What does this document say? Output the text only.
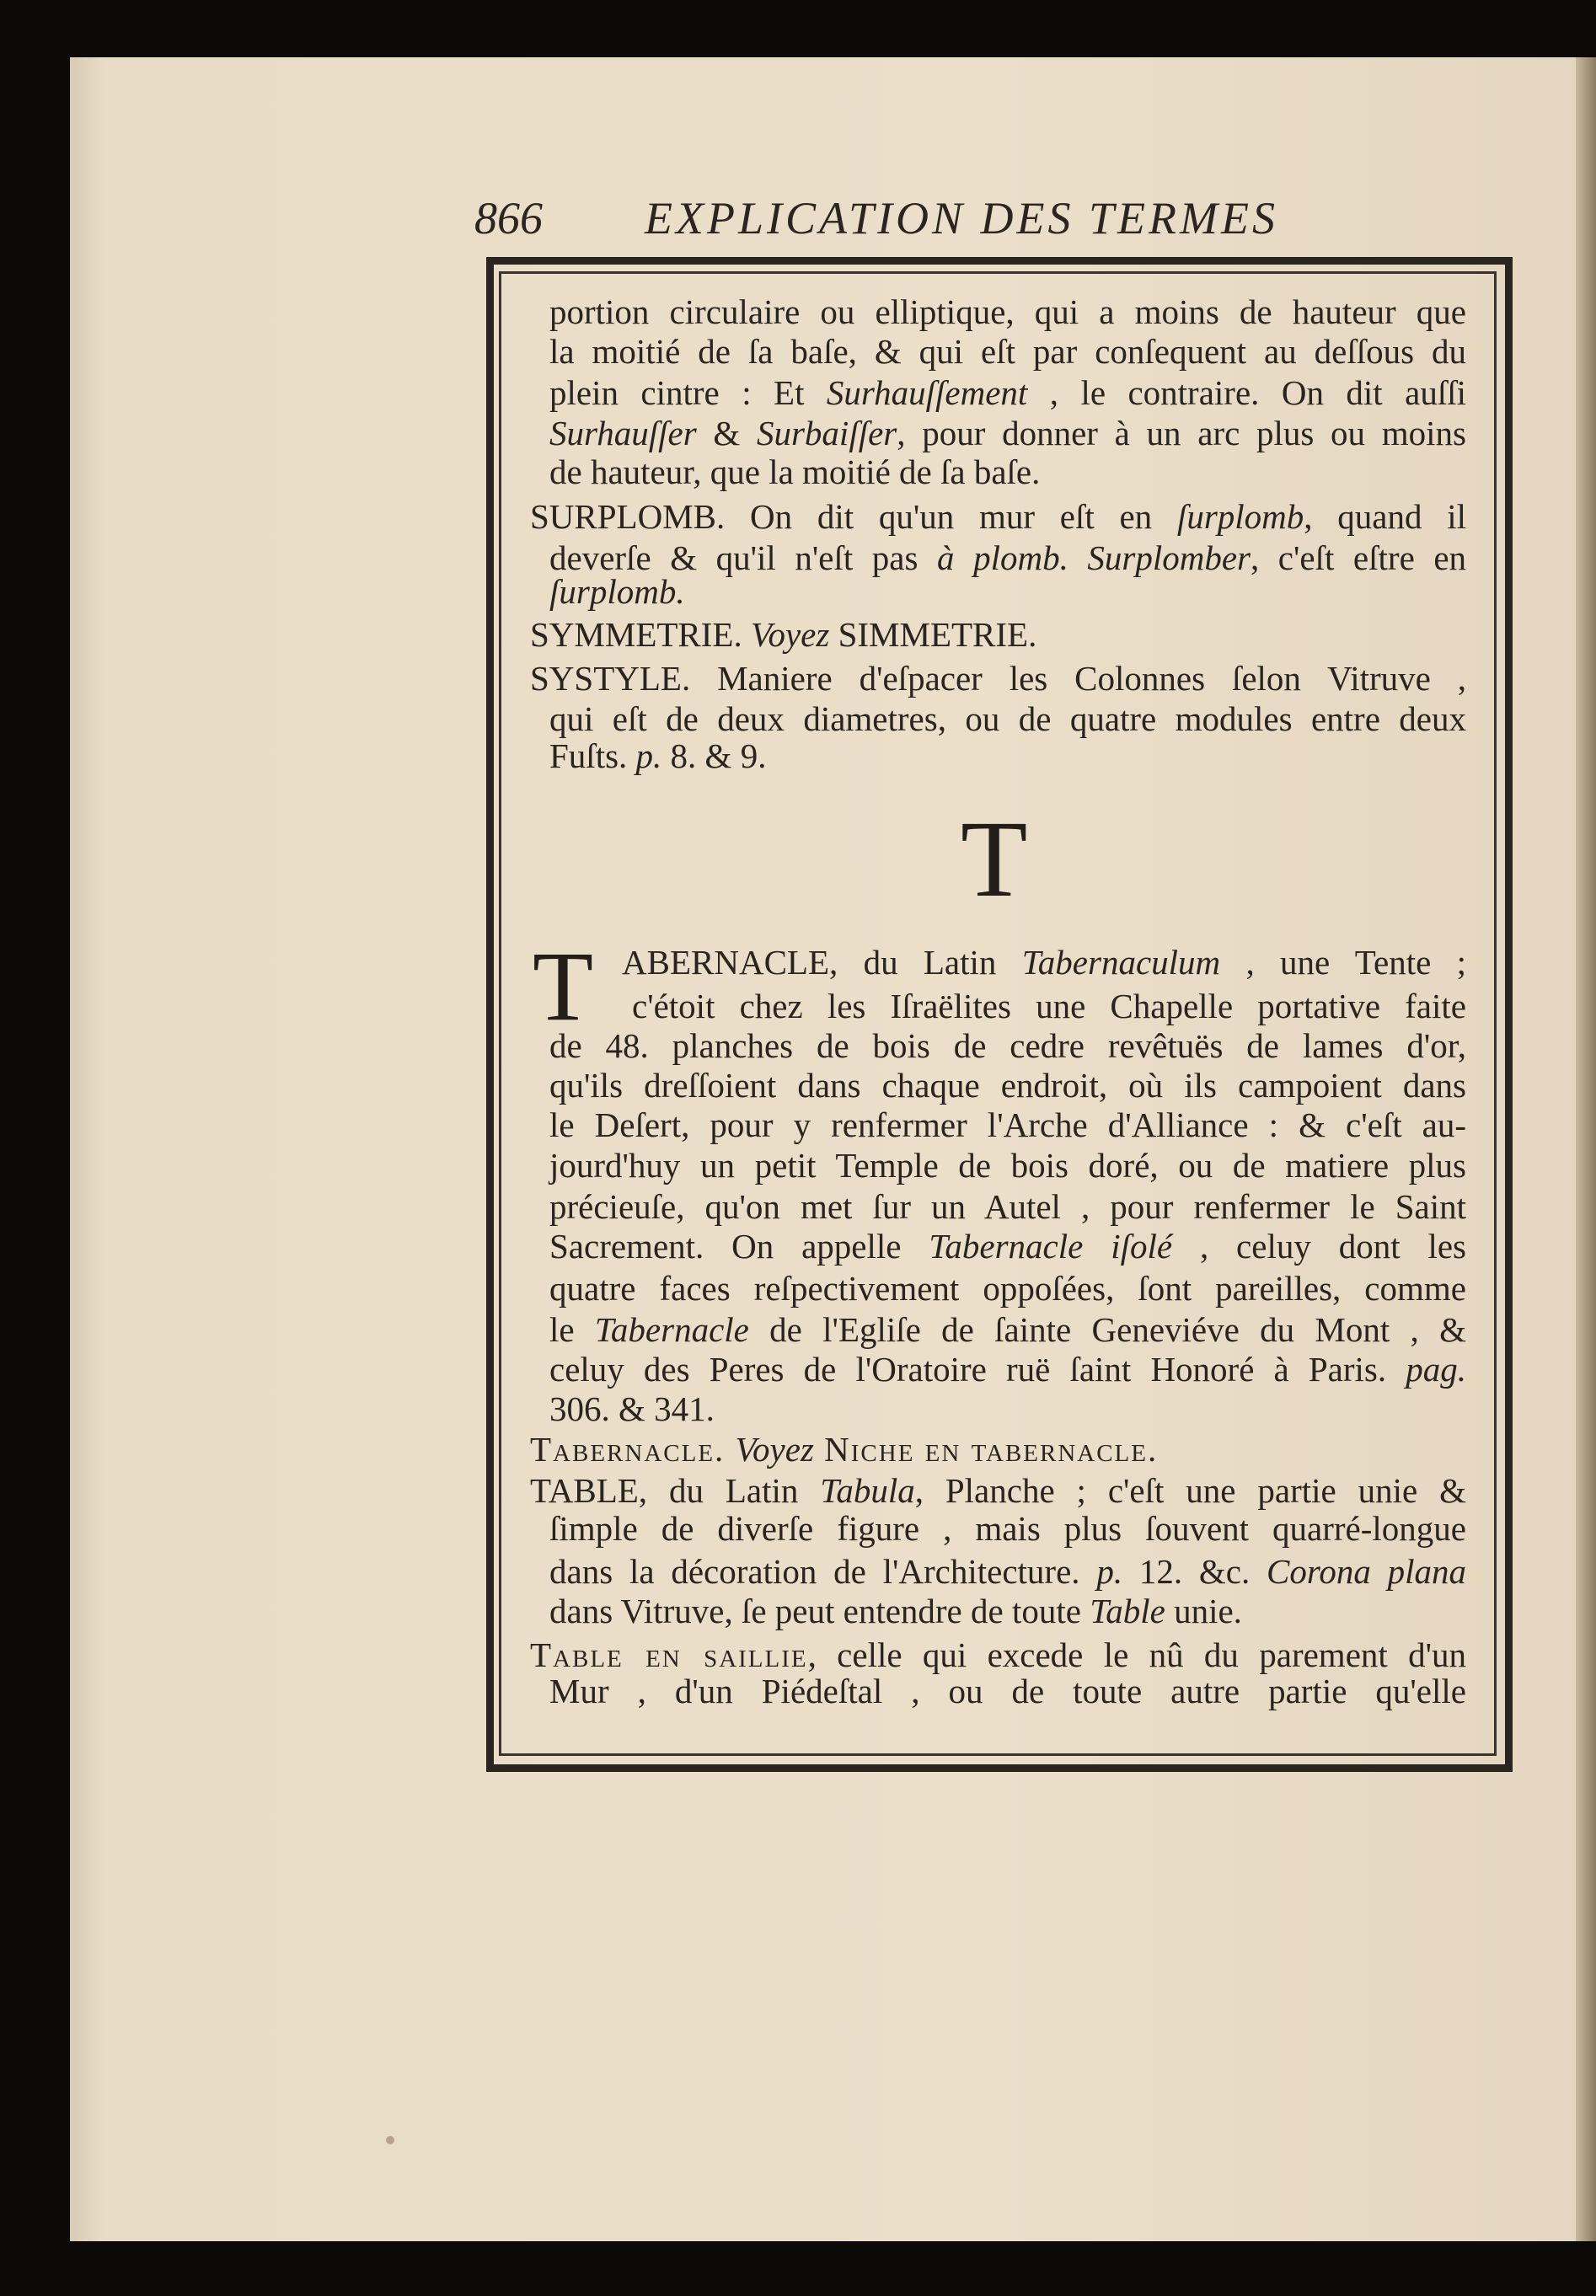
866 EXPLICATION DES TERMES
T
T
portion circulaire ou elliptique, qui a moins de hauteur que
la moitié de ſa baſe, & qui eſt par conſequent au deſſous du
plein cintre : Et Surhauſſement , le contraire. On dit auſſi
Surhauſſer & Surbaiſſer, pour donner à un arc plus ou moins
de hauteur, que la moitié de ſa baſe.
SURPLOMB. On dit qu'un mur eſt en ſurplomb, quand il
deverſe & qu'il n'eſt pas à plomb. Surplomber, c'eſt eſtre en
ſurplomb.
SYMMETRIE. Voyez SIMMETRIE.
SYSTYLE. Maniere d'eſpacer les Colonnes ſelon Vitruve ,
qui eſt de deux diametres, ou de quatre modules entre deux
Fuſts. p. 8. & 9.
ABERNACLE, du Latin Tabernaculum , une Tente ;
c'étoit chez les Iſraëlites une Chapelle portative faite
de 48. planches de bois de cedre revêtuës de lames d'or,
qu'ils dreſſoient dans chaque endroit, où ils campoient dans
le Deſert, pour y renfermer l'Arche d'Alliance : & c'eſt au-
jourd'huy un petit Temple de bois doré, ou de matiere plus
précieuſe, qu'on met ſur un Autel , pour renfermer le Saint
Sacrement. On appelle Tabernacle iſolé , celuy dont les
quatre faces reſpectivement oppoſées, ſont pareilles, comme
le Tabernacle de l'Egliſe de ſainte Geneviéve du Mont , &
celuy des Peres de l'Oratoire ruë ſaint Honoré à Paris. pag.
306. & 341.
Tabernacle. Voyez Niche en tabernacle.
TABLE, du Latin Tabula, Planche ; c'eſt une partie unie &
ſimple de diverſe figure , mais plus ſouvent quarré-longue
dans la décoration de l'Architecture. p. 12. &c. Corona plana
dans Vitruve, ſe peut entendre de toute Table unie.
Table en saillie, celle qui excede le nû du parement d'un
Mur , d'un Piédeſtal , ou de toute autre partie qu'elle
